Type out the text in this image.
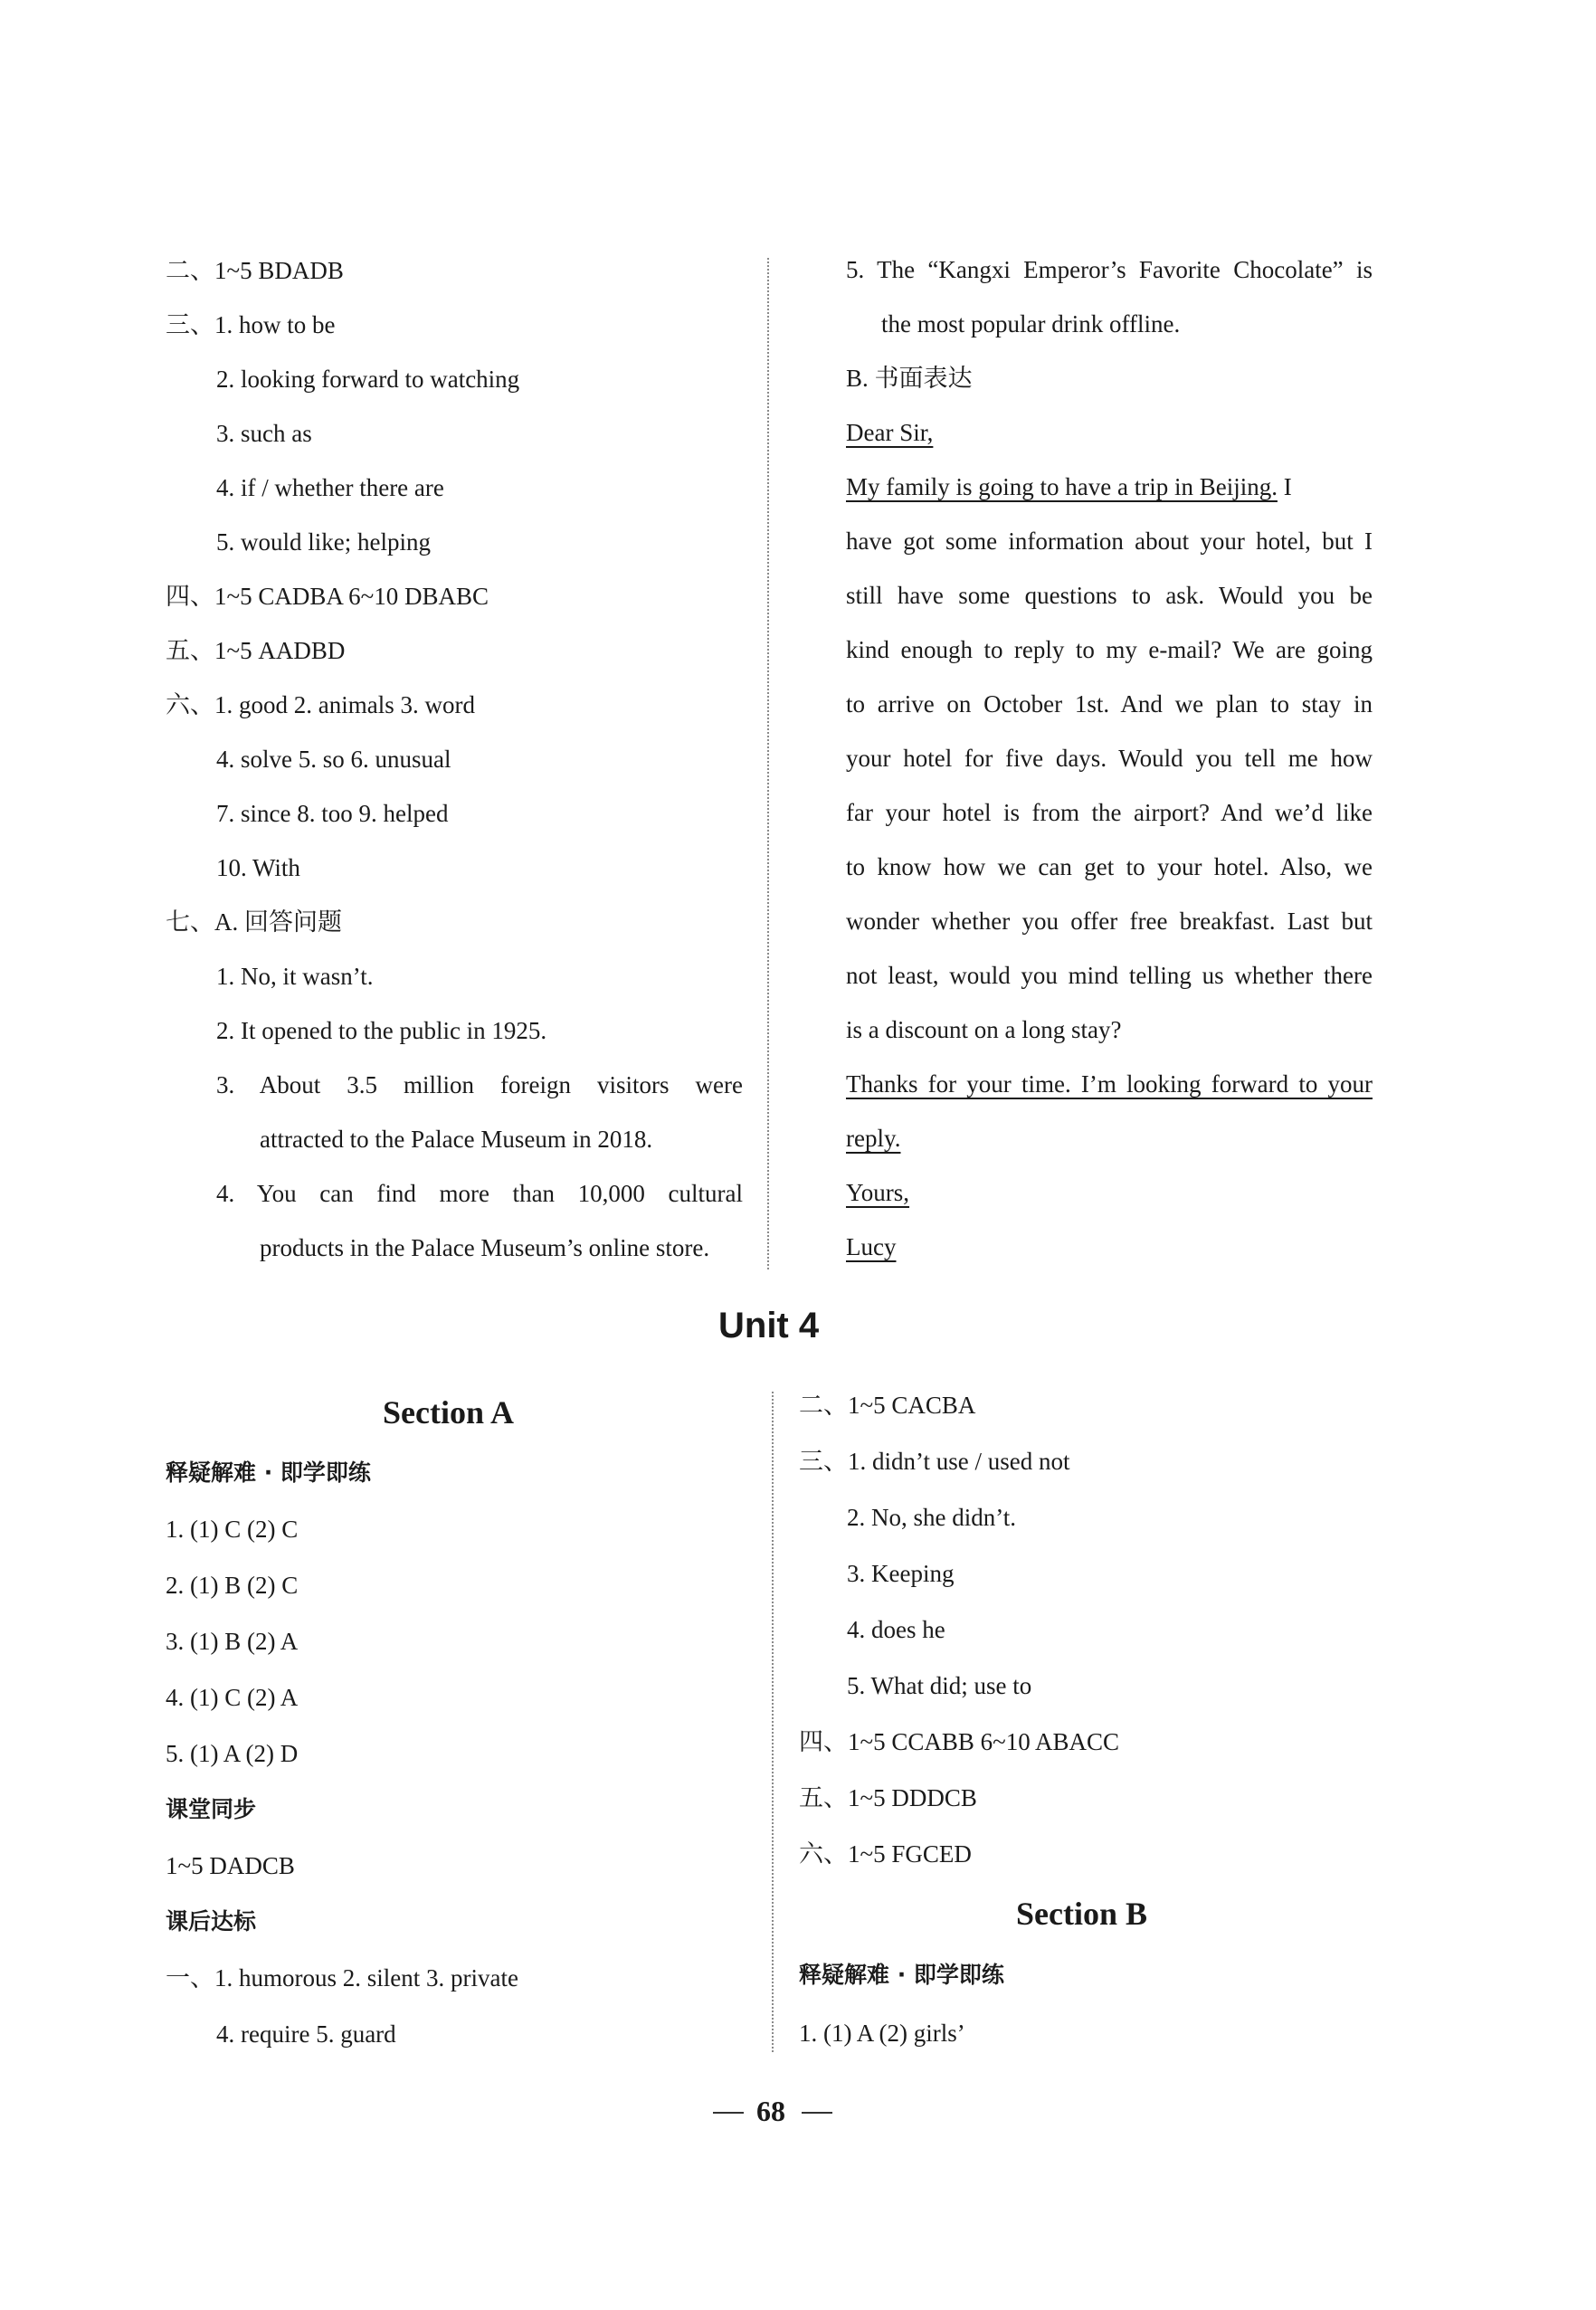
二、1~5 BDADB
三、1. how to be
2. looking forward to watching
3. such as
4. if / whether there are
5. would like; helping
四、1~5 CADBA 6~10 DBABC
五、1~5 AADBD
六、1. good 2. animals 3. word
4. solve 5. so 6. unusual
7. since 8. too 9. helped
10. With
七、A. 回答问题
1. No, it wasn’t.
2. It opened to the public in 1925.
3. About 3.5 million foreign visitors were
attracted to the Palace Museum in 2018.
4. You can find more than 10,000 cultural
products in the Palace Museum’s online store.
5. The “Kangxi Emperor’s Favorite Chocolate” is
the most popular drink offline.
B. 书面表达
Dear Sir,
My family is going to have a trip in Beijing. I
have got some information about your hotel, but I
still have some questions to ask. Would you be
kind enough to reply to my e-mail? We are going
to arrive on October 1st. And we plan to stay in
your hotel for five days. Would you tell me how
far your hotel is from the airport? And we’d like
to know how we can get to your hotel. Also, we
wonder whether you offer free breakfast. Last but
not least, would you mind telling us whether there
is a discount on a long stay?
Thanks for your time. I’m looking forward to your
reply.
Yours,
Lucy
Unit 4
Section A
释疑解难 · 即学即练
1. (1) C (2) C
2. (1) B (2) C
3. (1) B (2) A
4. (1) C (2) A
5. (1) A (2) D
课堂同步
1~5 DADCB
课后达标
一、1. humorous 2. silent 3. private
4. require 5. guard
二、1~5 CACBA
三、1. didn’t use / used not
2. No, she didn’t.
3. Keeping
4. does he
5. What did; use to
四、1~5 CCABB 6~10 ABACC
五、1~5 DDDCB
六、1~5 FGCED
Section B
释疑解难 · 即学即练
1. (1) A (2) girls’
68
